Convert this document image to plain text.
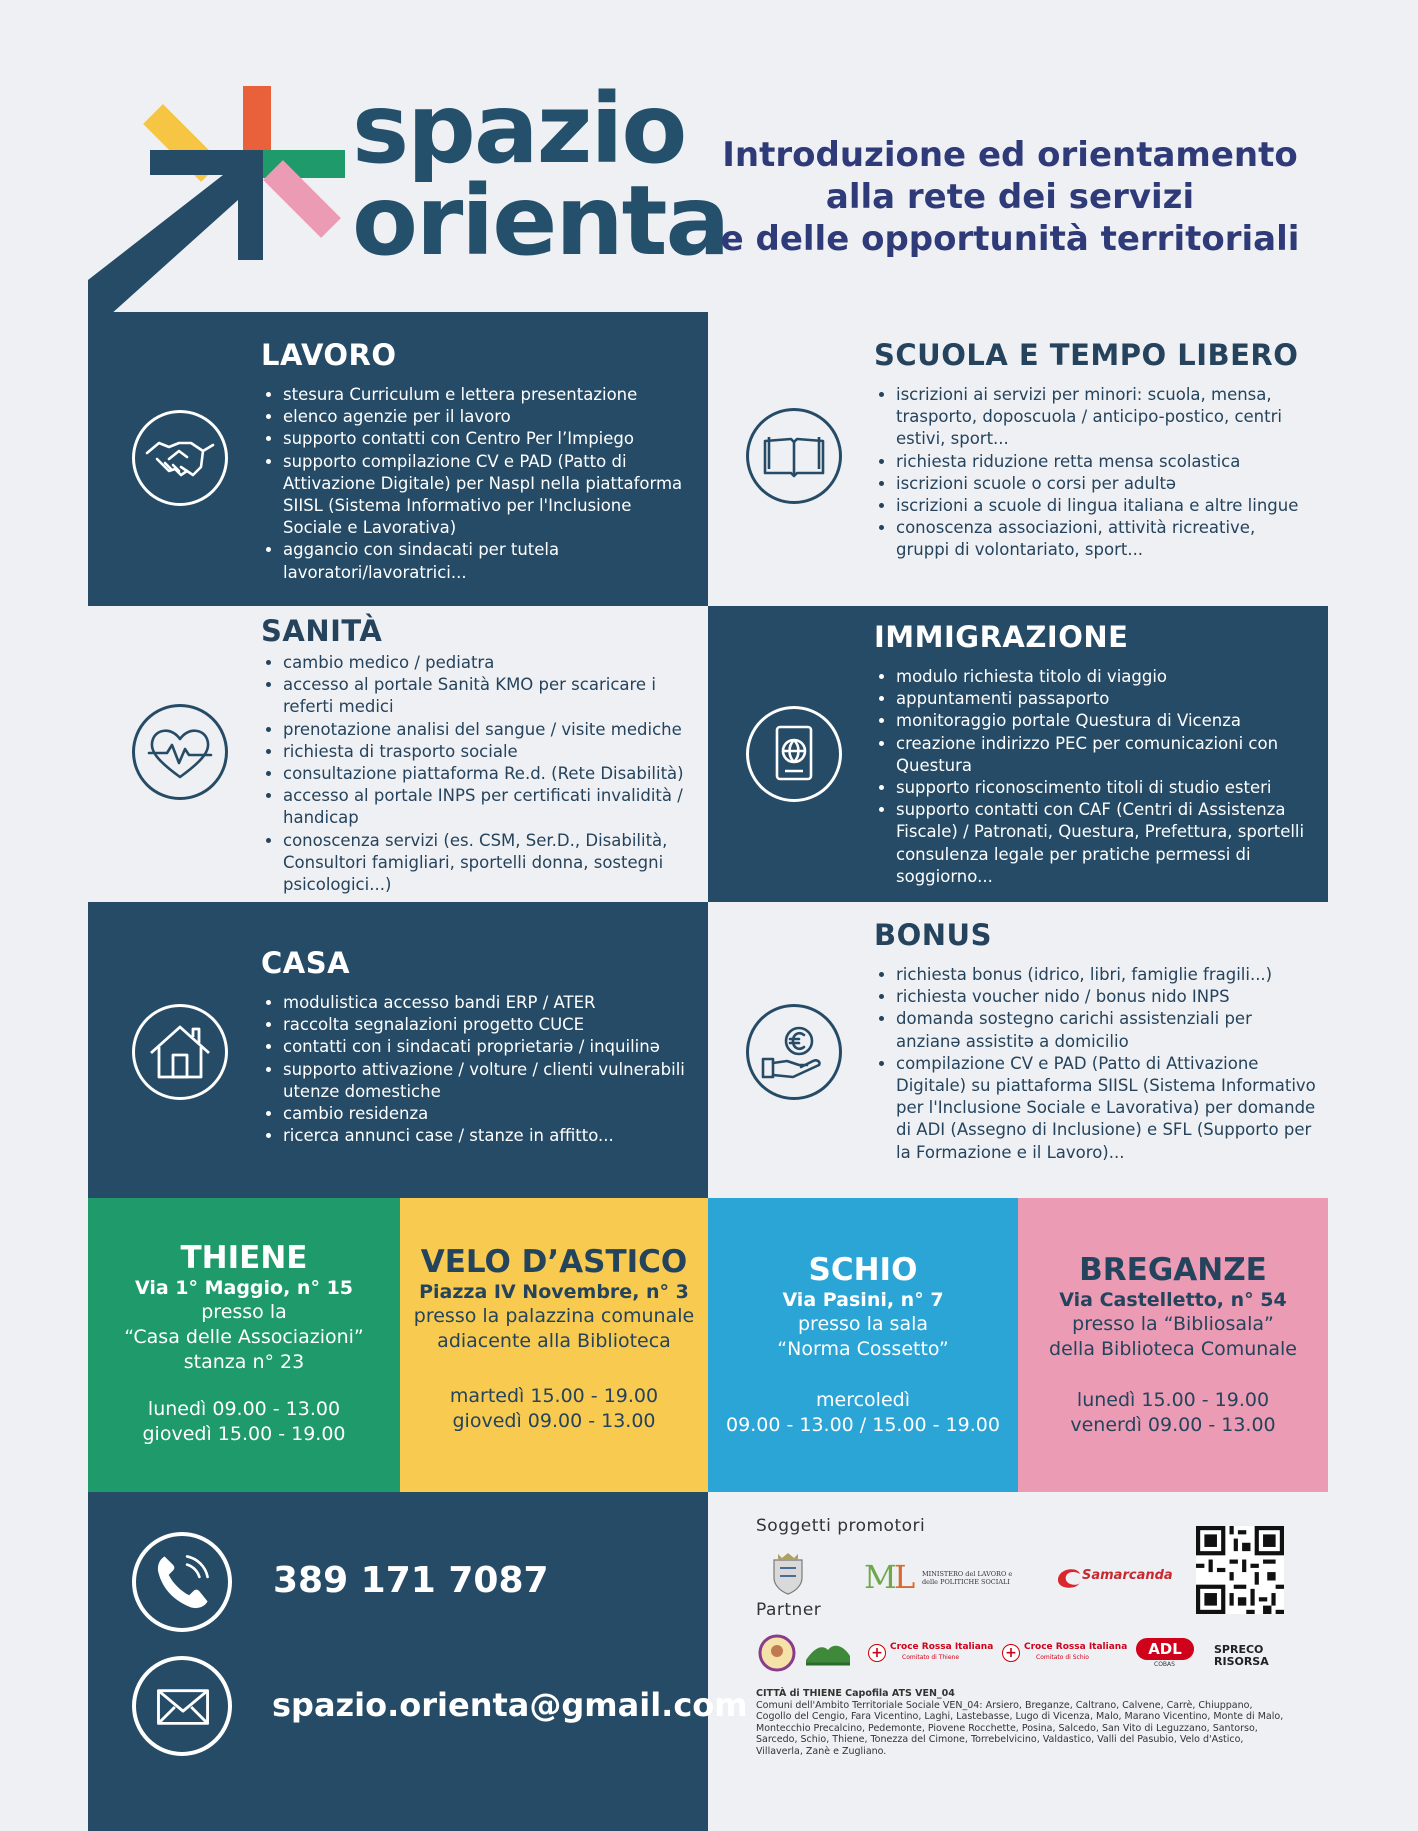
spazio
orienta
Introduzione ed orientamento
alla rete dei servizi
e delle opportunità territoriali
LAVORO
• stesura Curriculum e lettera presentazione
• elenco agenzie per il lavoro
• supporto contatti con Centro Per l’Impiego
• supporto compilazione CV e PAD (Patto di Attivazione Digitale) per NaspI nella piattaforma SIISL (Sistema Informativo per l'Inclusione Sociale e Lavorativa)
• aggancio con sindacati per tutela lavoratori/lavoratrici...
SCUOLA E TEMPO LIBERO
• iscrizioni ai servizi per minori: scuola, mensa, trasporto, doposcuola / anticipo-postico, centri estivi, sport...
• richiesta riduzione retta mensa scolastica
• iscrizioni scuole o corsi per adultə
• iscrizioni a scuole di lingua italiana e altre lingue
• conoscenza associazioni, attività ricreative, gruppi di volontariato, sport...
SANITÀ
• cambio medico / pediatra
• accesso al portale Sanità KMO per scaricare i referti medici
• prenotazione analisi del sangue / visite mediche
• richiesta di trasporto sociale
• consultazione piattaforma Re.d. (Rete Disabilità)
• accesso al portale INPS per certificati invalidità / handicap
• conoscenza servizi (es. CSM, Ser.D., Disabilità, Consultori famigliari, sportelli donna, sostegni psicologici...)
IMMIGRAZIONE
• modulo richiesta titolo di viaggio
• appuntamenti passaporto
• monitoraggio portale Questura di Vicenza
• creazione indirizzo PEC per comunicazioni con Questura
• supporto riconoscimento titoli di studio esteri
• supporto contatti con CAF (Centri di Assistenza Fiscale) / Patronati, Questura, Prefettura, sportelli consulenza legale per pratiche permessi di soggiorno...
CASA
• modulistica accesso bandi ERP / ATER
• raccolta segnalazioni progetto CUCE
• contatti con i sindacati proprietariə / inquilinə
• supporto attivazione / volture / clienti vulnerabili utenze domestiche
• cambio residenza
• ricerca annunci case / stanze in affitto...
BONUS
• richiesta bonus (idrico, libri, famiglie fragili...)
• richiesta voucher nido / bonus nido INPS
• domanda sostegno carichi assistenziali per anzianə assistitə a domicilio
• compilazione CV e PAD (Patto di Attivazione Digitale) su piattaforma SIISL (Sistema Informativo per l'Inclusione Sociale e Lavorativa) per domande di ADI (Assegno di Inclusione) e SFL (Supporto per la Formazione e il Lavoro)...
THIENE
Via 1° Maggio, n° 15
presso la
“Casa delle Associazioni”
stanza n° 23
lunedì 09.00 - 13.00
giovedì 15.00 - 19.00
VELO D’ASTICO
Piazza IV Novembre, n° 3
presso la palazzina comunale
adiacente alla Biblioteca
martedì 15.00 - 19.00
giovedì 09.00 - 13.00
SCHIO
Via Pasini, n° 7
presso la sala
“Norma Cossetto”
mercoledì
09.00 - 13.00 / 15.00 - 19.00
BREGANZE
Via Castelletto, n° 54
presso la “Bibliosala”
della Biblioteca Comunale
lunedì 15.00 - 19.00
venerdì 09.00 - 13.00
389 171 7087
spazio.orienta@gmail.com
Soggetti promotori
M
L MINISTERO del LAVORO e delle POLITICHE SOCIALI	Samarcanda
Partner
+ Croce Rossa Italiana
Comitato di Thiene	+ Croce Rossa Italiana
Comitato di Schio	ADL
COBAS
SPRECO RISORSA
CITTÀ di THIENE Capofila ATS VEN_04
Comuni dell'Ambito Territoriale Sociale VEN_04: Arsiero, Breganze, Caltrano, Calvene, Carrè, Chiuppano, Cogollo del Cengio, Fara Vicentino, Laghi, Lastebasse, Lugo di Vicenza, Malo, Marano Vicentino, Monte di Malo, Montecchio Precalcino, Pedemonte, Piovene Rocchette, Posina, Salcedo, San Vito di Leguzzano, Santorso, Sarcedo, Schio, Thiene, Tonezza del Cimone, Torrebelvicino, Valdastico, Valli del Pasubio, Velo d'Astico, Villaverla, Zanè e Zugliano.
